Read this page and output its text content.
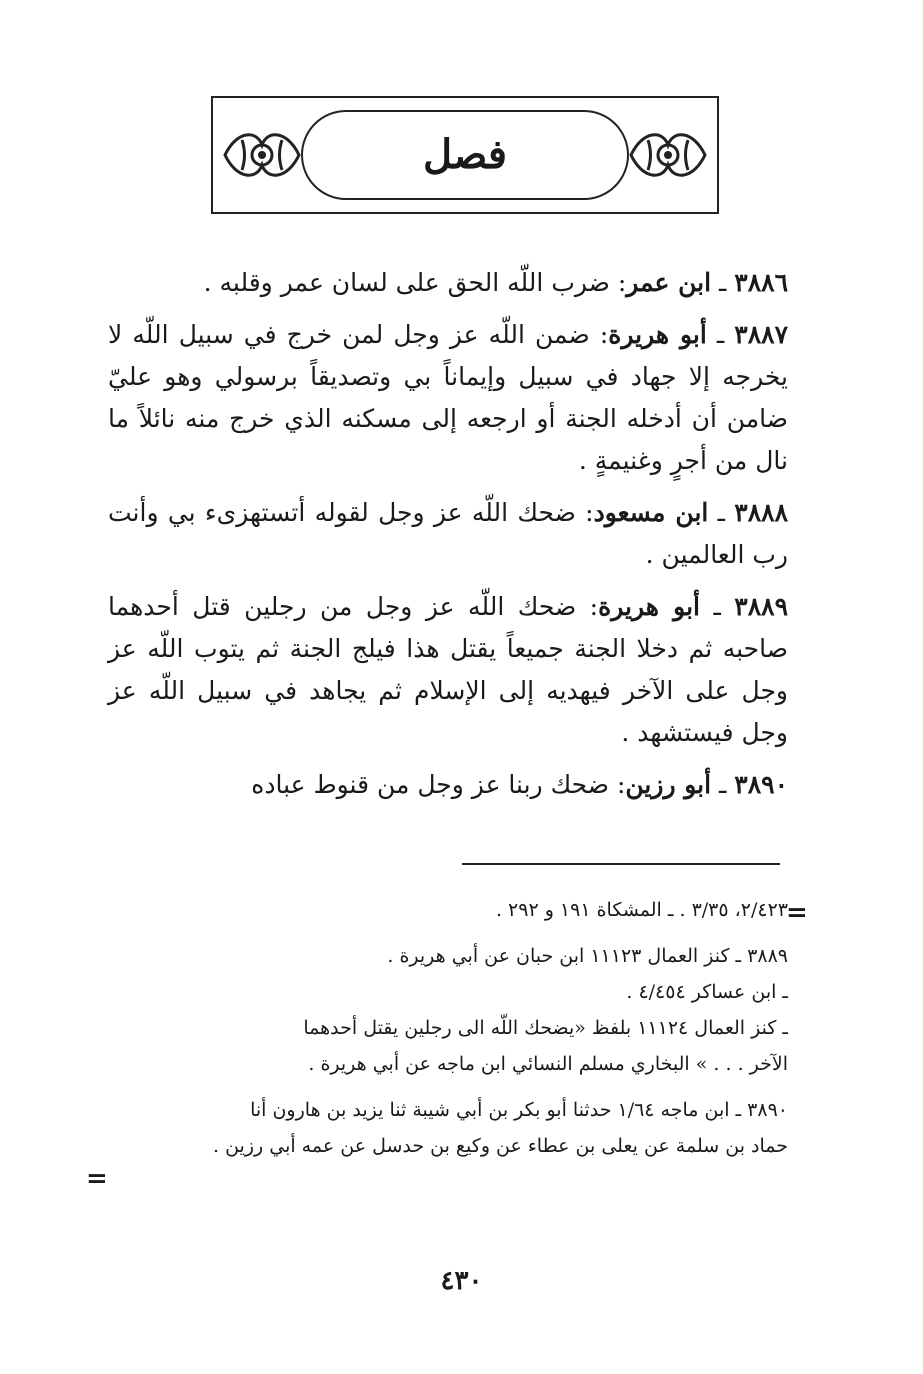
فصل

٣٨٨٦ ـ ابن عمر: ضرب اللّه الحق على لسان عمر وقلبه .

٣٨٨٧ ـ أبو هريرة: ضمن اللّه عز وجل لمن خرج في سبيل اللّه لا يخرجه إلا جهاد في سبيل وإيماناً بي وتصديقاً برسولي وهو عليّ ضامن أن أدخله الجنة أو ارجعه إلى مسكنه الذي خرج منه نائلاً ما نال من أجرٍ وغنيمةٍ .

٣٨٨٨ ـ ابن مسعود: ضحك اللّه عز وجل لقوله أتستهزىء بي وأنت رب العالمين .

٣٨٨٩ ـ أبو هريرة: ضحك اللّه عز وجل من رجلين قتل أحدهما صاحبه ثم دخلا الجنة جميعاً يقتل هذا فيلج الجنة ثم يتوب اللّه عز وجل على الآخر فيهديه إلى الإسلام ثم يجاهد في سبيل اللّه عز وجل فيستشهد .

٣٨٩٠ ـ أبو رزين: ضحك ربنا عز وجل من قنوط عباده

=

٢/٤٢٣، ٣/٣٥ . ـ المشكاة ١٩١ و ٢٩٢ .

٣٨٨٩ ـ كنز العمال ١١١٢٣ ابن حبان عن أبي هريرة .

ـ ابن عساكر ٤/٤٥٤ .

ـ كنز العمال ١١١٢٤ بلفظ «يضحك اللّه الى رجلين يقتل أحدهما

الآخر . . . » البخاري مسلم النسائي ابن ماجه عن أبي هريرة .

٣٨٩٠ ـ ابن ماجه ١/٦٤ حدثنا أبو بكر بن أبي شيبة ثنا يزيد بن هارون أنا

حماد بن سلمة عن يعلى بن عطاء عن وكيع بن حدسل عن عمه أبي رزين .

=
٤٣٠
